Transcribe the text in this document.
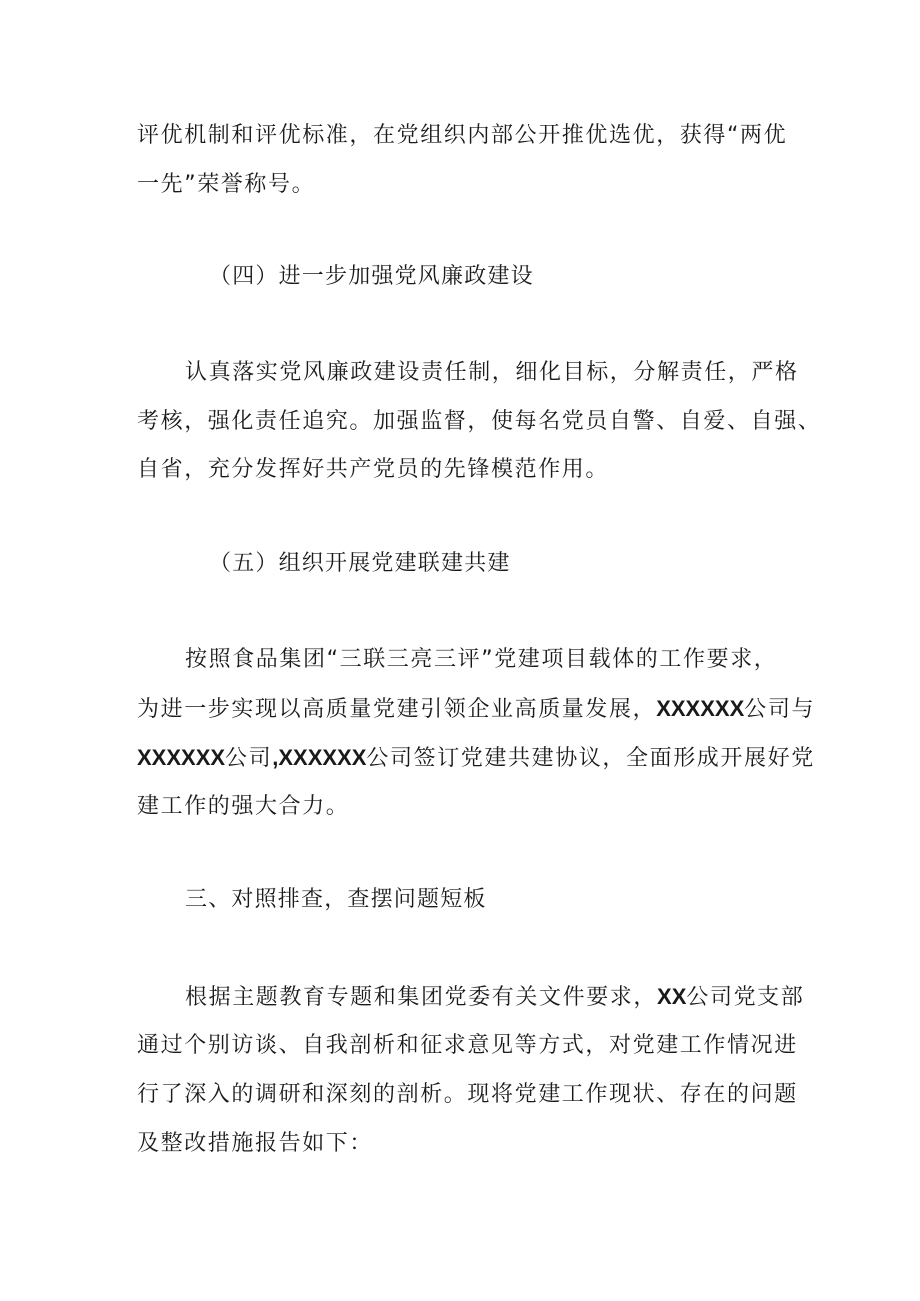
评优机制和评优标准，在党组织内部公开推优选优，获得“两优
一先”荣誉称号。
（四）进一步加强党风廉政建设
认真落实党风廉政建设责任制，细化目标，分解责任，严格
考核，强化责任追究。加强监督，使每名党员自警、自爱、自强、
自省，充分发挥好共产党员的先锋模范作用。
（五）组织开展党建联建共建
按照食品集团“三联三亮三评”党建项目载体的工作要求，
为进一步实现以高质量党建引领企业高质量发展，XXXXXX公司与
XXXXXX公司,XXXXXX公司签订党建共建协议，全面形成开展好党
建工作的强大合力。
三、对照排查，查摆问题短板
根据主题教育专题和集团党委有关文件要求，XX公司党支部
通过个别访谈、自我剖析和征求意见等方式，对党建工作情况进
行了深入的调研和深刻的剖析。现将党建工作现状、存在的问题
及整改措施报告如下：
